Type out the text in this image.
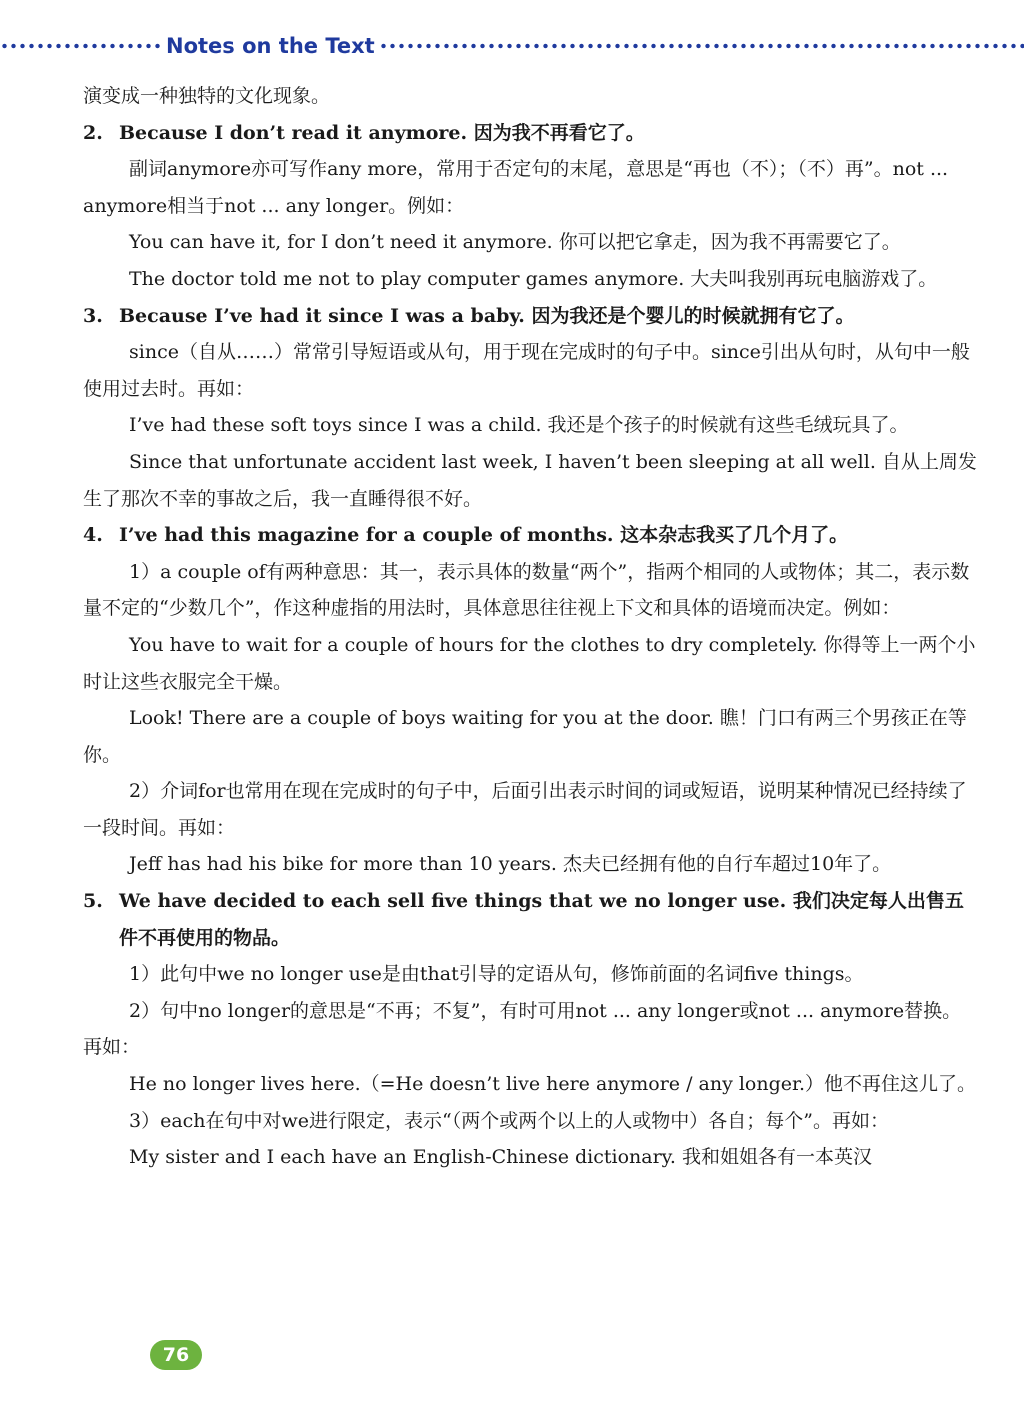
Notes on the Text

演变成一种独特的文化现象。

2. Because I don’t read it anymore. 因为我不再看它了。

副词anymore亦可写作any more，常用于否定句的末尾，意思是“再也（不）；（不）再”。not ... anymore相当于not ... any longer。例如：

You can have it, for I don’t need it anymore. 你可以把它拿走，因为我不再需要它了。

The doctor told me not to play computer games anymore. 大夫叫我别再玩电脑游戏了。

3. Because I’ve had it since I was a baby. 因为我还是个婴儿的时候就拥有它了。

since（自从……）常常引导短语或从句，用于现在完成时的句子中。since引出从句时，从句中一般使用过去时。再如：

I’ve had these soft toys since I was a child. 我还是个孩子的时候就有这些毛绒玩具了。

Since that unfortunate accident last week, I haven’t been sleeping at all well. 自从上周发生了那次不幸的事故之后，我一直睡得很不好。

4. I’ve had this magazine for a couple of months. 这本杂志我买了几个月了。

1）a couple of有两种意思：其一，表示具体的数量“两个”，指两个相同的人或物体；其二，表示数量不定的“少数几个”，作这种虚指的用法时，具体意思往往视上下文和具体的语境而决定。例如：

You have to wait for a couple of hours for the clothes to dry completely. 你得等上一两个小时让这些衣服完全干燥。

Look! There are a couple of boys waiting for you at the door. 瞧！门口有两三个男孩正在等你。

2）介词for也常用在现在完成时的句子中，后面引出表示时间的词或短语，说明某种情况已经持续了一段时间。再如：

Jeff has had his bike for more than 10 years. 杰夫已经拥有他的自行车超过10年了。

5. We have decided to each sell five things that we no longer use. 我们决定每人出售五件不再使用的物品。

1）此句中we no longer use是由that引导的定语从句，修饰前面的名词five things。

2）句中no longer的意思是“不再；不复”，有时可用not ... any longer或not ... anymore替换。再如：

He no longer lives here.（=He doesn’t live here anymore / any longer.）他不再住这儿了。

3）each在句中对we进行限定，表示“（两个或两个以上的人或物中）各自；每个”。再如：

My sister and I each have an English-Chinese dictionary. 我和姐姐各有一本英汉

76
